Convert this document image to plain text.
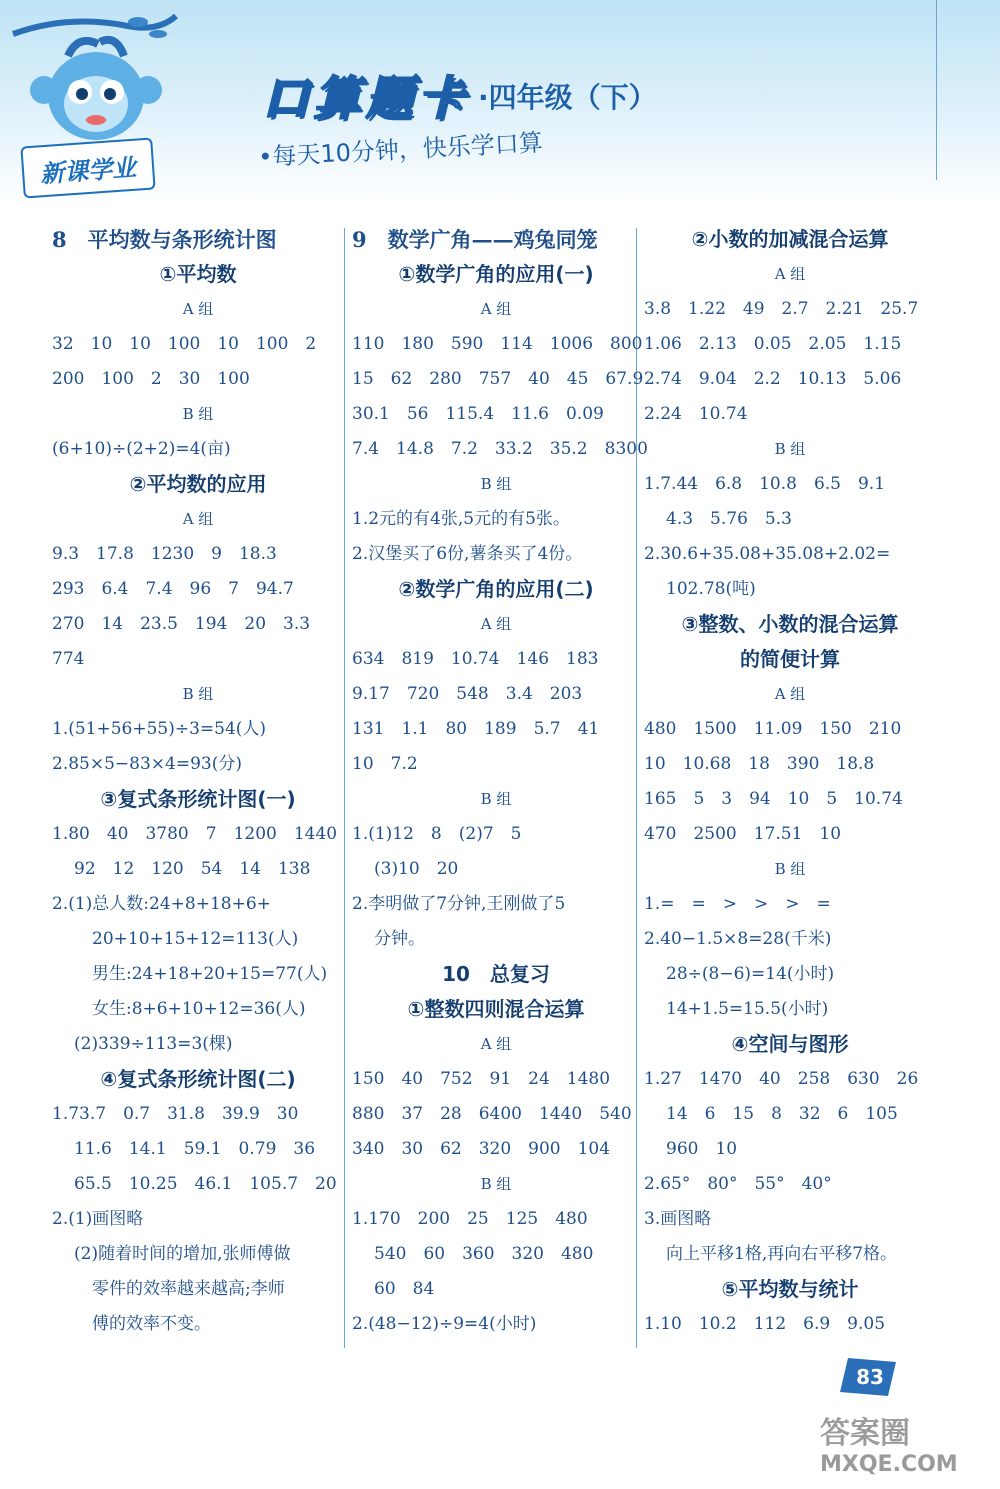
新课学业
口算题卡 ·四年级（下）
•每天10分钟，快乐学口算
8　平均数与条形统计图
①平均数
A 组
32　10　10　100　10　100　2
200　100　2　30　100
B 组
(6+10)÷(2+2)=4(亩)
②平均数的应用
A 组
9.3　17.8　1230　9　18.3
293　6.4　7.4　96　7　94.7
270　14　23.5　194　20　3.3
774
B 组
1.(51+56+55)÷3=54(人)
2.85×5−83×4=93(分)
③复式条形统计图(一)
1.80　40　3780　7　1200　1440
92　12　120　54　14　138
2.(1)总人数:24+8+18+6+
20+10+15+12=113(人)
男生:24+18+20+15=77(人)
女生:8+6+10+12=36(人)
(2)339÷113=3(棵)
④复式条形统计图(二)
1.73.7　0.7　31.8　39.9　30
11.6　14.1　59.1　0.79　36
65.5　10.25　46.1　105.7　20
2.(1)画图略
(2)随着时间的增加,张师傅做
零件的效率越来越高;李师
傅的效率不变。
9　数学广角——鸡兔同笼
①数学广角的应用(一)
A 组
110　180　590　114　1006　800
15　62　280　757　40　45　67.9
30.1　56　115.4　11.6　0.09
7.4　14.8　7.2　33.2　35.2　8300
B 组
1.2元的有4张,5元的有5张。
2.汉堡买了6份,薯条买了4份。
②数学广角的应用(二)
A 组
634　819　10.74　146　183
9.17　720　548　3.4　203
131　1.1　80　189　5.7　41
10　7.2
B 组
1.(1)12　8　(2)7　5
(3)10　20
2.李明做了7分钟,王刚做了5
分钟。
10　总复习
①整数四则混合运算
A 组
150　40　752　91　24　1480
880　37　28　6400　1440　540
340　30　62　320　900　104
B 组
1.170　200　25　125　480
540　60　360　320　480
60　84
2.(48−12)÷9=4(小时)
②小数的加减混合运算
A 组
3.8　1.22　49　2.7　2.21　25.7
1.06　2.13　0.05　2.05　1.15
2.74　9.04　2.2　10.13　5.06
2.24　10.74
B 组
1.7.44　6.8　10.8　6.5　9.1
4.3　5.76　5.3
2.30.6+35.08+35.08+2.02=
102.78(吨)
③整数、小数的混合运算
的简便计算
A 组
480　1500　11.09　150　210
10　10.68　18　390　18.8
165　5　3　94　10　5　10.74
470　2500　17.51　10
B 组
1.=　=　>　>　>　=
2.40−1.5×8=28(千米)
28÷(8−6)=14(小时)
14+1.5=15.5(小时)
④空间与图形
1.27　1470　40　258　630　26
14　6　15　8　32　6　105
960　10
2.65°　80°　55°　40°
3.画图略
向上平移1格,再向右平移7格。
⑤平均数与统计
1.10　10.2　112　6.9　9.05
83
答案圈
MXQE.COM
